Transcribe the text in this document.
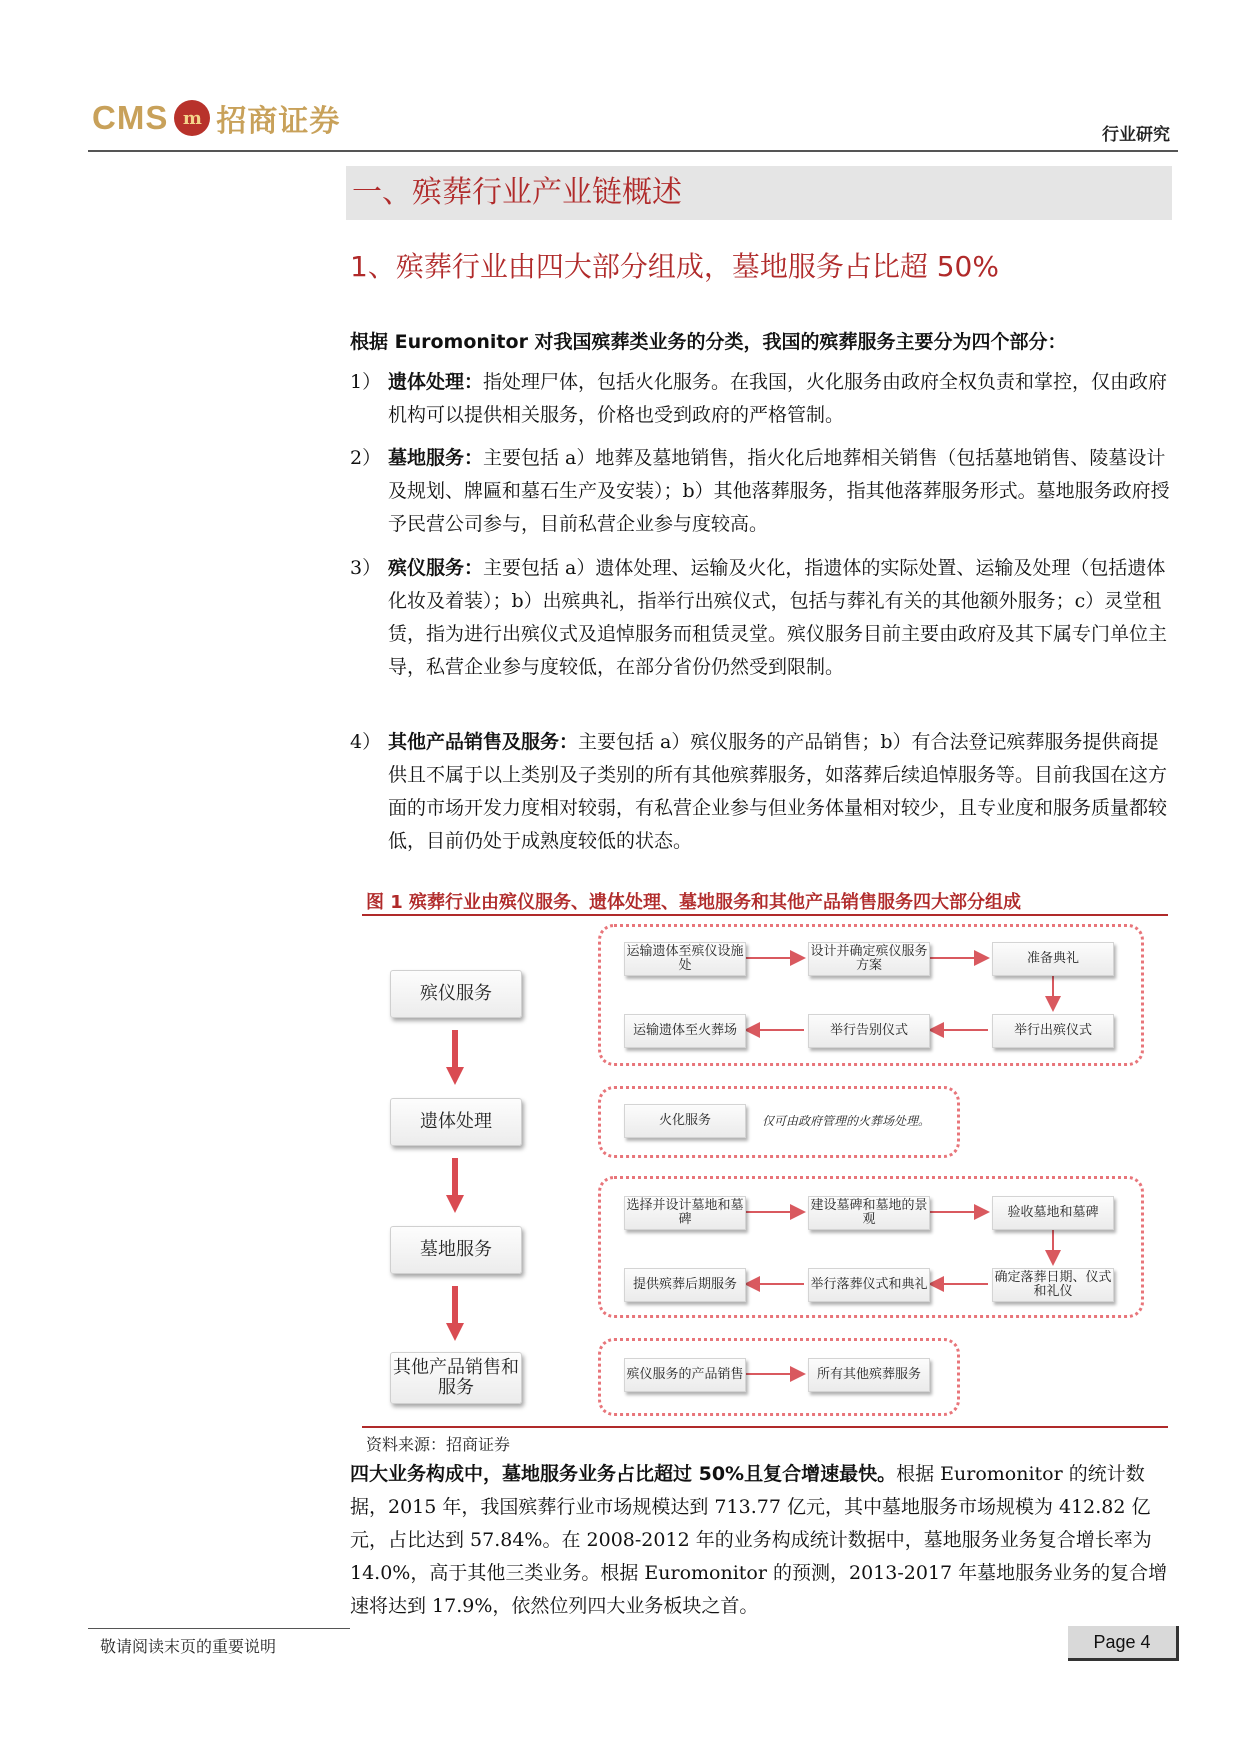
CMS m 招商证券	行业研究
一、殡葬行业产业链概述
1、殡葬行业由四大部分组成，墓地服务占比超 50%
根据 Euromonitor 对我国殡葬类业务的分类，我国的殡葬服务主要分为四个部分：
1） 遗体处理：指处理尸体，包括火化服务。在我国，火化服务由政府全权负责和掌控，仅由政府机构可以提供相关服务，价格也受到政府的严格管制。
2） 墓地服务：主要包括 a）地葬及墓地销售，指火化后地葬相关销售（包括墓地销售、陵墓设计及规划、牌匾和墓石生产及安装）；b）其他落葬服务，指其他落葬服务形式。墓地服务政府授予民营公司参与，目前私营企业参与度较高。
3） 殡仪服务：主要包括 a）遗体处理、运输及火化，指遗体的实际处置、运输及处理（包括遗体化妆及着装）；b）出殡典礼，指举行出殡仪式，包括与葬礼有关的其他额外服务；c）灵堂租赁，指为进行出殡仪式及追悼服务而租赁灵堂。殡仪服务目前主要由政府及其下属专门单位主导，私营企业参与度较低，在部分省份仍然受到限制。
4） 其他产品销售及服务：主要包括 a）殡仪服务的产品销售；b）有合法登记殡葬服务提供商提供且不属于以上类别及子类别的所有其他殡葬服务，如落葬后续追悼服务等。目前我国在这方面的市场开发力度相对较弱，有私营企业参与但业务体量相对较少，且专业度和服务质量都较低，目前仍处于成熟度较低的状态。
图 1 殡葬行业由殡仪服务、遗体处理、墓地服务和其他产品销售服务四大部分组成
殡仪服务
遗体处理
墓地服务
其他产品销售和服务
运输遗体至殡仪设施处
设计并确定殡仪服务方案	准备典礼
举行出殡仪式
举行告别仪式
运输遗体至火葬场
火化服务	仅可由政府管理的火葬场处理。
选择并设计墓地和墓碑
建设墓碑和墓地的景观	验收墓地和墓碑
确定落葬日期、仪式和礼仪
举行落葬仪式和典礼
提供殡葬后期服务
殡仪服务的产品销售	所有其他殡葬服务
资料来源：招商证券
四大业务构成中，墓地服务业务占比超过 50%且复合增速最快。根据 Euromonitor 的统计数据，2015 年，我国殡葬行业市场规模达到 713.77 亿元，其中墓地服务市场规模为 412.82 亿元，占比达到 57.84%。在 2008-2012 年的业务构成统计数据中，墓地服务业务复合增长率为 14.0%，高于其他三类业务。根据 Euromonitor 的预测，2013-2017 年墓地服务业务的复合增速将达到 17.9%，依然位列四大业务板块之首。
敬请阅读末页的重要说明	Page 4
